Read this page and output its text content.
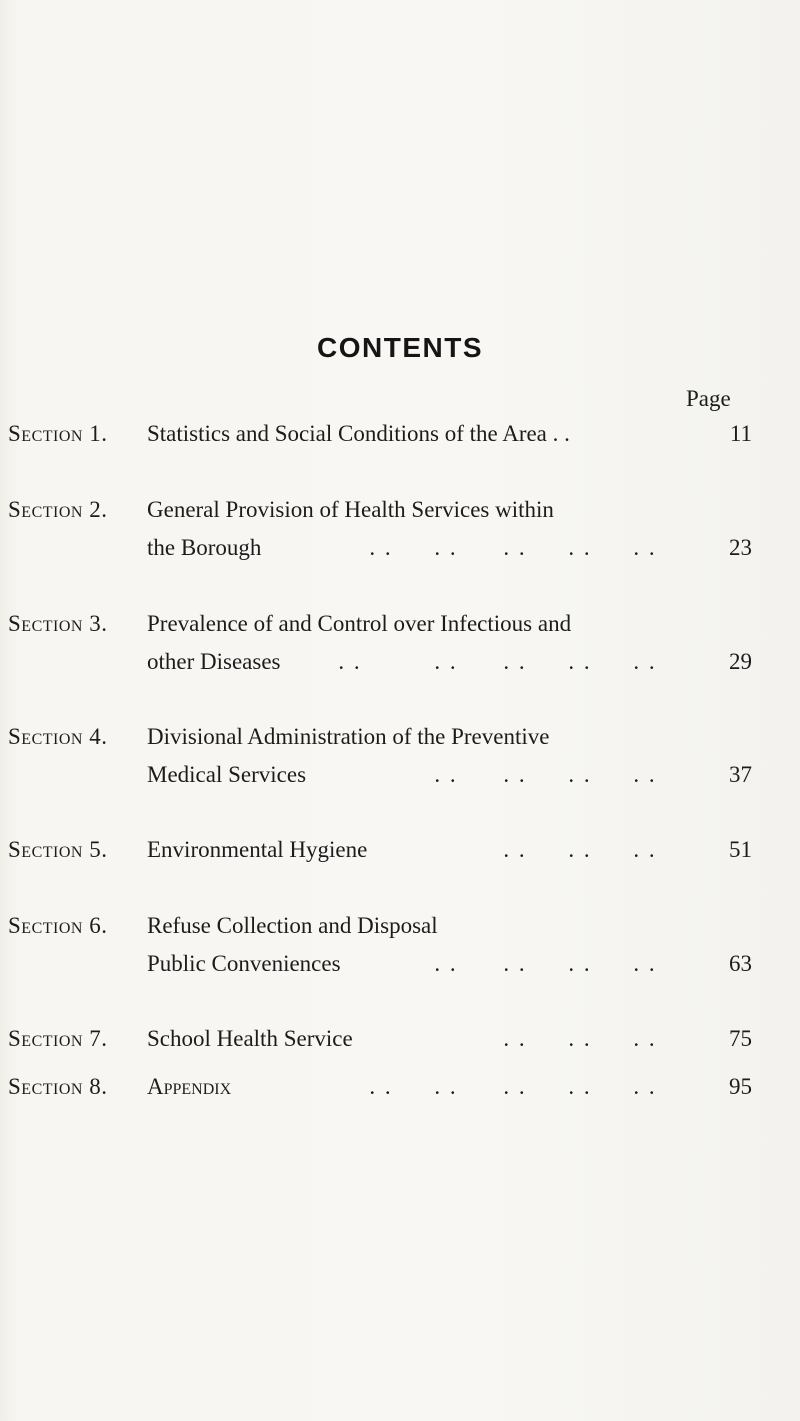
CONTENTS
Page
Section 1. Statistics and Social Conditions of the Area . .	11
Section 2. General Provision of Health Services within
the Borough	. . . . . . . . . .	23
Section 3. Prevalence of and Control over Infectious and
other Diseases	. .	. . . . . . . .	29
Section 4. Divisional Administration of the Preventive
Medical Services	. . . . . . . .	37
Section 5. Environmental Hygiene	. . . . . .	51
Section 6. Refuse Collection and Disposal
Public Conveniences	. . . . . . . .	63
Section 7. School Health Service	. . . . . .	75
Section 8. Appendix	. . . . . . . . . .	95
